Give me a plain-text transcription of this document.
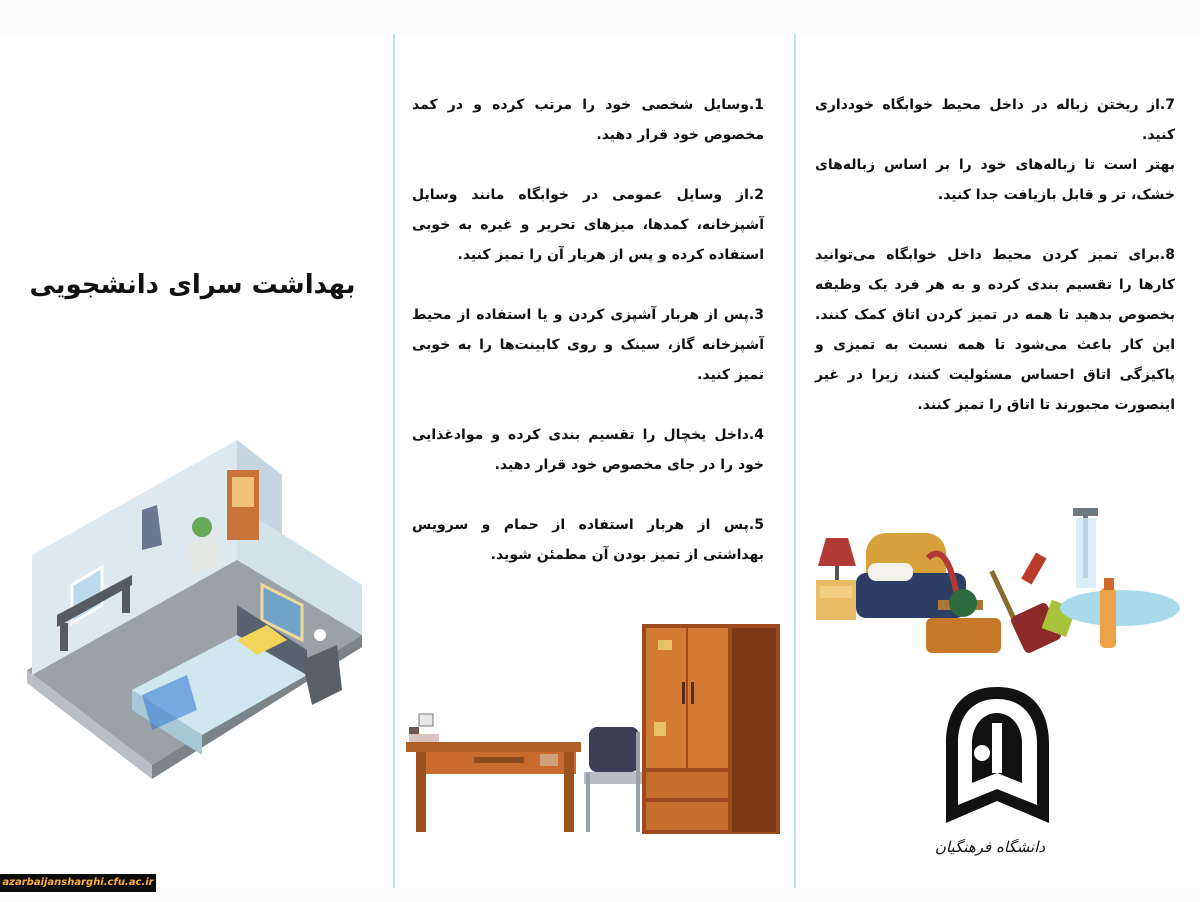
بهداشت سرای دانشجویی

1.وسایل شخصی خود را مرتب کرده و در کمد مخصوص خود قرار دهید.

2.از وسایل عمومی در خوابگاه مانند وسایل آشپزخانه، کمدها، میزهای تحریر و غیره به خوبی استفاده کرده و پس از هربار آن را تمیز کنید.

3.پس از هربار آشپزی کردن و یا استفاده از محیط آشپزخانه گاز، سینک و روی کابینت‌ها را به خوبی تمیز کنید.

4.داخل یخچال را تقسیم بندی کرده و موادغذایی خود را در جای مخصوص خود قرار دهید.

5.پس از هربار استفاده از حمام و سرویس بهداشتی از تمیز بودن آن مطمئن شوید.

7.از ریختن زباله در داخل محیط خوابگاه خودداری کنید.

بهتر است تا زباله‌های خود را بر اساس زباله‌های خشک، تر و قابل بازیافت جدا کنید.

8.برای تمیز کردن محیط داخل خوابگاه می‌توانید کارها را تقسیم بندی کرده و به هر فرد یک وظیفه بخصوص بدهید تا همه در تمیز کردن اتاق کمک کنند. این کار باعث می‌شود تا همه نسبت به تمیزی و پاکیزگی اتاق احساس مسئولیت کنند، زیرا در غیر اینصورت مجبورند تا اتاق را تمیز کنند.

دانشگاه فرهنگیان
azarbaijansharghi.cfu.ac.ir
